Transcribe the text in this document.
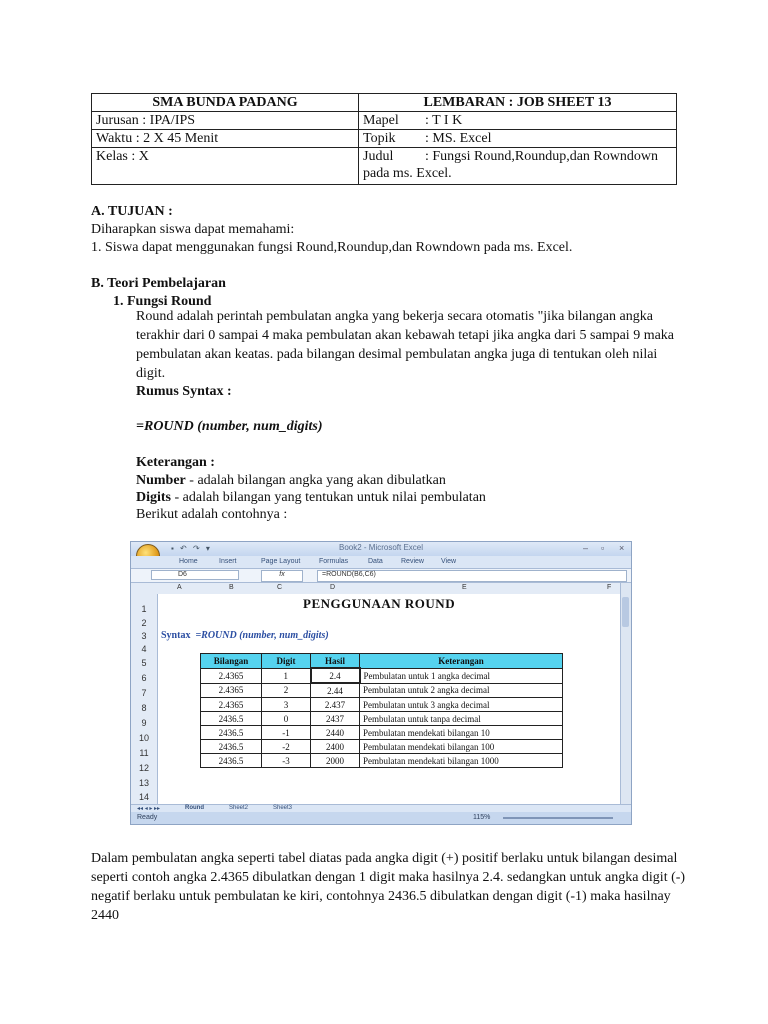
SMA BUNDA PADANG	LEMBARAN : JOB SHEET 13
Jurusan : IPA/IPS	Mapel : T I K
Waktu : 2 X 45 Menit	Topik : MS. Excel
Kelas : X	Judul : Fungsi Round,Roundup,dan Rowndown pada ms. Excel.
A. TUJUAN :
Diharapkan siswa dapat memahami:
1. Siswa dapat menggunakan fungsi Round,Roundup,dan Rowndown pada ms. Excel.
B. Teori Pembelajaran
1. Fungsi Round
Round adalah perintah pembulatan angka yang bekerja secara otomatis "jika bilangan angka terakhir dari 0 sampai 4 maka pembulatan akan kebawah tetapi jika angka dari 5 sampai 9 maka pembulatan akan keatas. pada bilangan desimal pembulatan angka juga di tentukan oleh nilai digit.
Rumus Syntax :
=ROUND (number, num_digits)
Keterangan :
Number - adalah bilangan angka yang akan dibulatkan
Digits - adalah bilangan yang tentukan untuk nilai pembulatan
Berikut adalah contohnya :
Book2 - Microsoft Excel
▪ ↶ ↷ ▾	– ▫ ×
Home	Insert	Page Layout	Formulas	Data	Review View
D6	fx	=ROUND(B6,C6)
A	B	C	D	E	F
1
2
3
4
5
6
7
8
9
10
11
12
13
14
PENGGUNAAN ROUND
Syntax =ROUND (number, num_digits)
Bilangan	Digit	Hasil	Keterangan
2.4365	1	2.4	Pembulatan untuk 1 angka decimal
2.4365	2	2.44	Pembulatan untuk 2 angka decimal
2.4365	3	2.437	Pembulatan untuk 3 angka decimal
2436.5	0	2437	Pembulatan untuk tanpa decimal
2436.5	-1	2440	Pembulatan mendekati bilangan 10
2436.5	-2	2400	Pembulatan mendekati bilangan 100
2436.5	-3	2000	Pembulatan mendekati bilangan 1000
◂◂ ◂ ▸ ▸▸	Round	Sheet2	Sheet3
Ready	115%
Dalam pembulatan angka seperti tabel diatas pada angka digit (+) positif berlaku untuk bilangan desimal seperti contoh angka 2.4365 dibulatkan dengan 1 digit maka hasilnya 2.4. sedangkan untuk angka digit (-) negatif berlaku untuk pembulatan ke kiri, contohnya 2436.5 dibulatkan dengan digit (-1) maka hasilnay 2440
